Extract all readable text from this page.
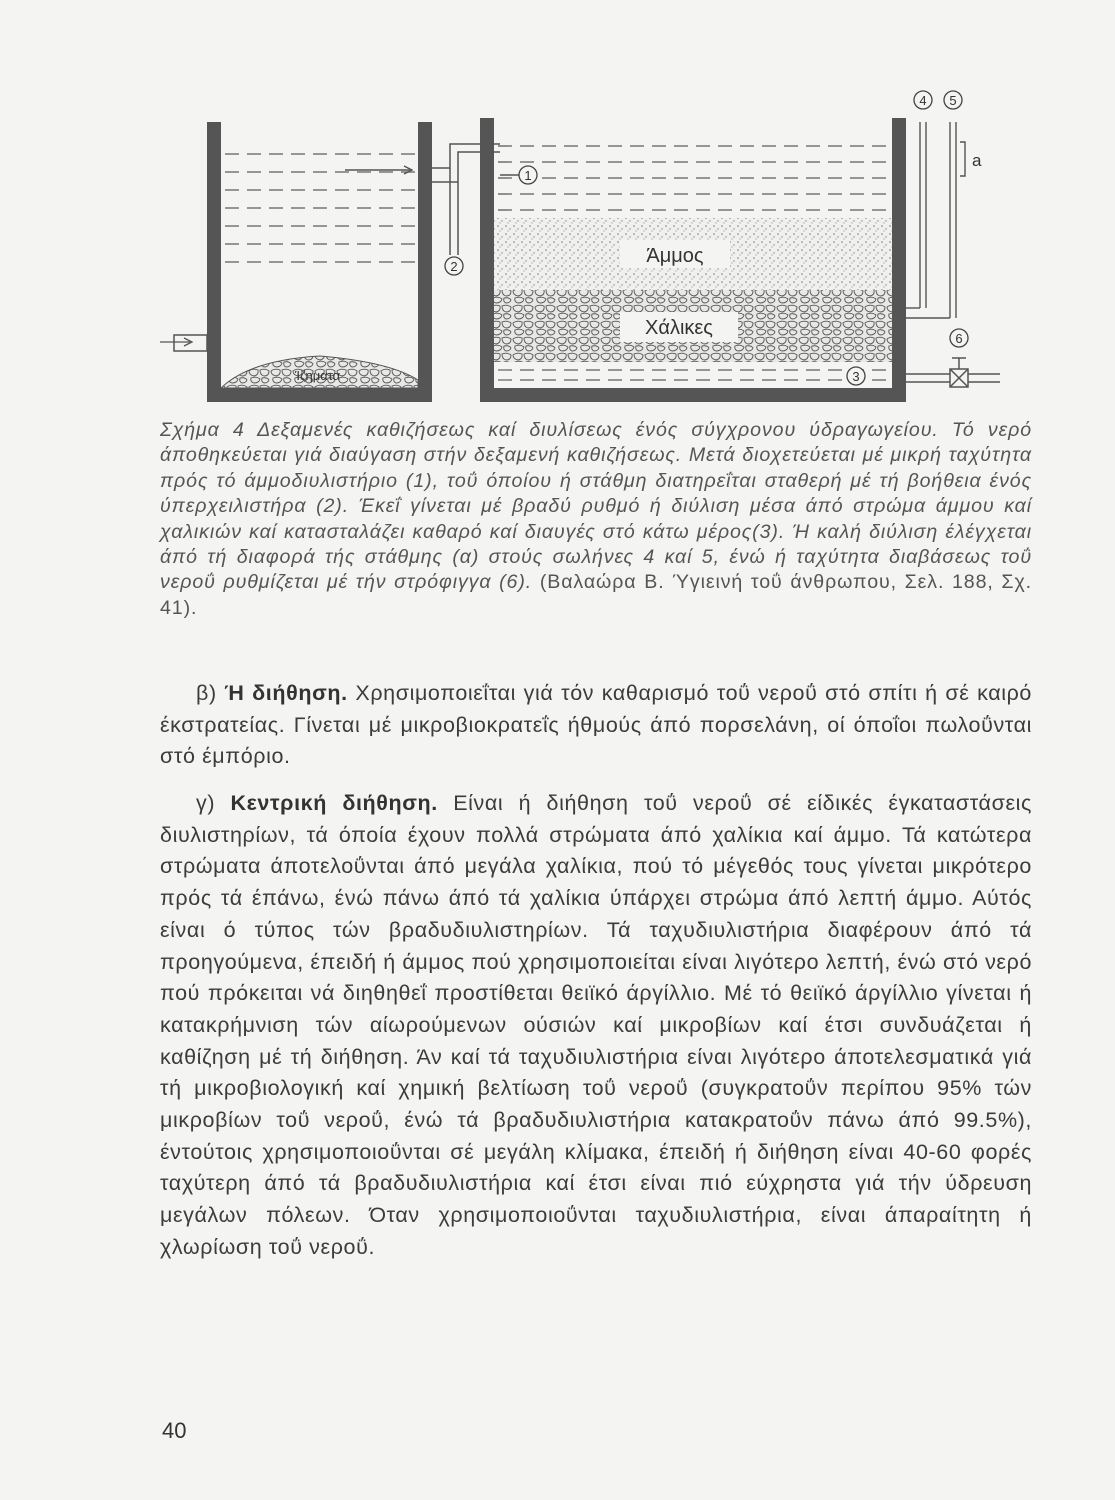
1
2
3
4 5
6
a
Άμμος
Χάλικες
Ίζηματα
Σχήμα 4 Δεξαμενές καθιζήσεως καί διυλίσεως ένός σύγχρονου ύδραγωγείου. Τό νερό άποθηκεύεται γιά διαύγαση στήν δεξαμενή καθιζήσεως. Μετά διοχετεύεται μέ μικρή ταχύτητα πρός τό άμμοδιυλιστήριο (1), τοΰ όποίου ή στάθμη διατηρεΐται σταθερή μέ τή βοήθεια ένός ύπερχειλιστήρα (2). Έκεΐ γίνεται μέ βραδύ ρυθμό ή διύλιση μέσα άπό στρώμα άμμου καί χαλικιών καί κατασταλάζει καθαρό καί διαυγές στό κάτω μέρος(3). Ή καλή διύλιση έλέγχεται άπό τή διαφορά τής στάθμης (α) στούς σωλήνες 4 καί 5, ένώ ή ταχύτητα διαβάσεως τοΰ νεροΰ ρυθμίζεται μέ τήν στρόφιγγα (6). (Βαλαώρα Β. Ύγιεινή τοΰ άνθρωπου, Σελ. 188, Σχ. 41).
β) Ή διήθηση. Χρησιμοποιεΐται γιά τόν καθαρισμό τοΰ νεροΰ στό σπίτι ή σέ καιρό έκστρατείας. Γίνεται μέ μικροβιοκρατεΐς ήθμούς άπό πορσελάνη, οί όποΐοι πωλοΰνται στό έμπόριο.
γ) Κεντρική διήθηση. Είναι ή διήθηση τοΰ νεροΰ σέ είδικές έγκαταστάσεις διυλιστηρίων, τά όποία έχουν πολλά στρώματα άπό χαλίκια καί άμμο. Τά κατώτερα στρώματα άποτελοΰνται άπό μεγάλα χαλίκια, πού τό μέγεθός τους γίνεται μικρότερο πρός τά έπάνω, ένώ πάνω άπό τά χαλίκια ύπάρχει στρώμα άπό λεπτή άμμο. Αύτός είναι ό τύπος τών βραδυδιυλιστηρίων. Τά ταχυδιυλιστήρια διαφέρουν άπό τά προηγούμενα, έπειδή ή άμμος πού χρησιμοποιείται είναι λιγότερο λεπτή, ένώ στό νερό πού πρόκειται νά διηθηθεΐ προστίθεται θειϊκό άργίλλιο. Μέ τό θειϊκό άργίλλιο γίνεται ή κατακρήμνιση τών αίωρούμενων ούσιών καί μικροβίων καί έτσι συνδυάζεται ή καθίζηση μέ τή διήθηση. Άν καί τά ταχυδιυλιστήρια είναι λιγότερο άποτελεσματικά γιά τή μικροβιολογική καί χημική βελτίωση τοΰ νεροΰ (συγκρατοΰν περίπου 95% τών μικροβίων τοΰ νεροΰ, ένώ τά βραδυδιυλιστήρια κατακρατοΰν πάνω άπό 99.5%), έντούτοις χρησιμοποιοΰνται σέ μεγάλη κλίμακα, έπειδή ή διήθηση είναι 40-60 φορές ταχύτερη άπό τά βραδυδιυλιστήρια καί έτσι είναι πιό εύχρηστα γιά τήν ύδρευση μεγάλων πόλεων. Όταν χρησιμοποιοΰνται ταχυδιυλιστήρια, είναι άπαραίτητη ή χλωρίωση τοΰ νεροΰ.
40
